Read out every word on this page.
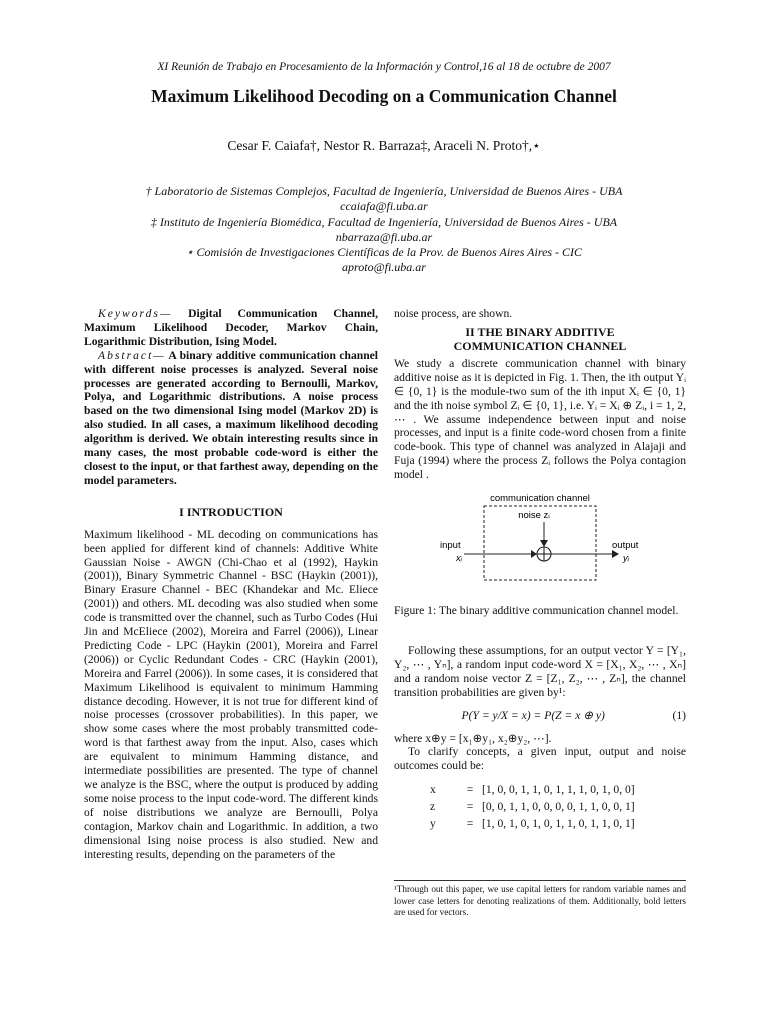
XI Reunión de Trabajo en Procesamiento de la Información y Control,16 al 18 de octubre de 2007
Maximum Likelihood Decoding on a Communication Channel
Cesar F. Caiafa†, Nestor R. Barraza‡, Araceli N. Proto†,⋆
† Laboratorio de Sistemas Complejos, Facultad de Ingeniería, Universidad de Buenos Aires - UBA
ccaiafa@fi.uba.ar
‡ Instituto de Ingeniería Biomédica, Facultad de Ingeniería, Universidad de Buenos Aires - UBA
nbarraza@fi.uba.ar
⋆ Comisión de Investigaciones Científicas de la Prov. de Buenos Aires Aires - CIC
aproto@fi.uba.ar

Keywords— Digital Communication Channel, Maximum Likelihood Decoder, Markov Chain, Logarithmic Distribution, Ising Model.

Abstract— A binary additive communication channel with different noise processes is analyzed. Several noise processes are generated according to Bernoulli, Markov, Polya, and Logarithmic distributions. A noise process based on the two dimensional Ising model (Markov 2D) is also studied. In all cases, a maximum likelihood decoding algorithm is derived. We obtain interesting results since in many cases, the most probable code-word is either the closest to the input, or that farthest away, depending on the model parameters.

I INTRODUCTION

Maximum likelihood - ML decoding on communications has been applied for different kind of channels: Additive White Gaussian Noise - AWGN (Chi-Chao et al (1992), Haykin (2001)), Binary Symmetric Channel - BSC (Haykin (2001)), Binary Erasure Channel - BEC (Khandekar and Mc. Eliece (2001)) and others. ML decoding was also studied when some code is transmitted over the channel, such as Turbo Codes (Hui Jin and McEliece (2002), Moreira and Farrel (2006)), Linear Predicting Code - LPC (Haykin (2001), Moreira and Farrel (2006)) or Cyclic Redundant Codes - CRC (Haykin (2001), Moreira and Farrel (2006)). In some cases, it is considered that Maximum Likelihood is equivalent to minimum Hamming distance decoding. However, it is not true for different kind of noise processes (crossover probabilities). In this paper, we show some cases where the most probably transmitted code-word is that farthest away from the input. Also, cases which are equivalent to minimum Hamming distance, and intermediate possibilities are presented. The type of channel we analyze is the BSC, where the output is produced by adding some noise process to the input code-word. The different kinds of noise distributions we analyze are Bernoulli, Polya contagion, Markov chain and Logarithmic. In addition, a two dimensional Ising noise process is also studied. New and interesting results, depending on the parameters of the

noise process, are shown.

II THE BINARY ADDITIVE
COMMUNICATION CHANNEL

We study a discrete communication channel with binary additive noise as it is depicted in Fig. 1. Then, the ith output Yᵢ ∈ {0, 1} is the module-two sum of the ith input Xᵢ ∈ {0, 1} and the ith noise symbol Zᵢ ∈ {0, 1}, i.e. Yᵢ = Xᵢ ⊕ Zᵢ, i = 1, 2, ⋯ . We assume independence between input and noise processes, and input is a finite code-word chosen from a finite code-book. This type of channel was analyzed in Alajaji and Fuja (1994) where the process Zᵢ follows the Polya contagion model .

communication channel
noise zᵢ
input
xᵢ
output
yᵢ

Figure 1: The binary additive communication channel model.

Following these assumptions, for an output vector Y = [Y₁, Y₂, ⋯ , Yₙ], a random input code-word X = [X₁, X₂, ⋯ , Xₙ] and a random noise vector Z = [Z₁, Z₂, ⋯ , Zₙ], the channel transition probabilities are given by¹:

(1)
P(Y = y/X = x) = P(Z = x ⊕ y)

where x⊕y = [x₁⊕y₁, x₂⊕y₂, ⋯].

To clarify concepts, a given input, output and noise outcomes could be:

x	= [1, 0, 0, 1, 1, 0, 1, 1, 1, 0, 1, 0, 0]
z	= [0, 0, 1, 1, 0, 0, 0, 0, 1, 1, 0, 0, 1]
y	= [1, 0, 1, 0, 1, 0, 1, 1, 0, 1, 1, 0, 1]
¹Through out this paper, we use capital letters for random variable names and lower case letters for denoting realizations of them. Additionally, bold letters are used for vectors.
